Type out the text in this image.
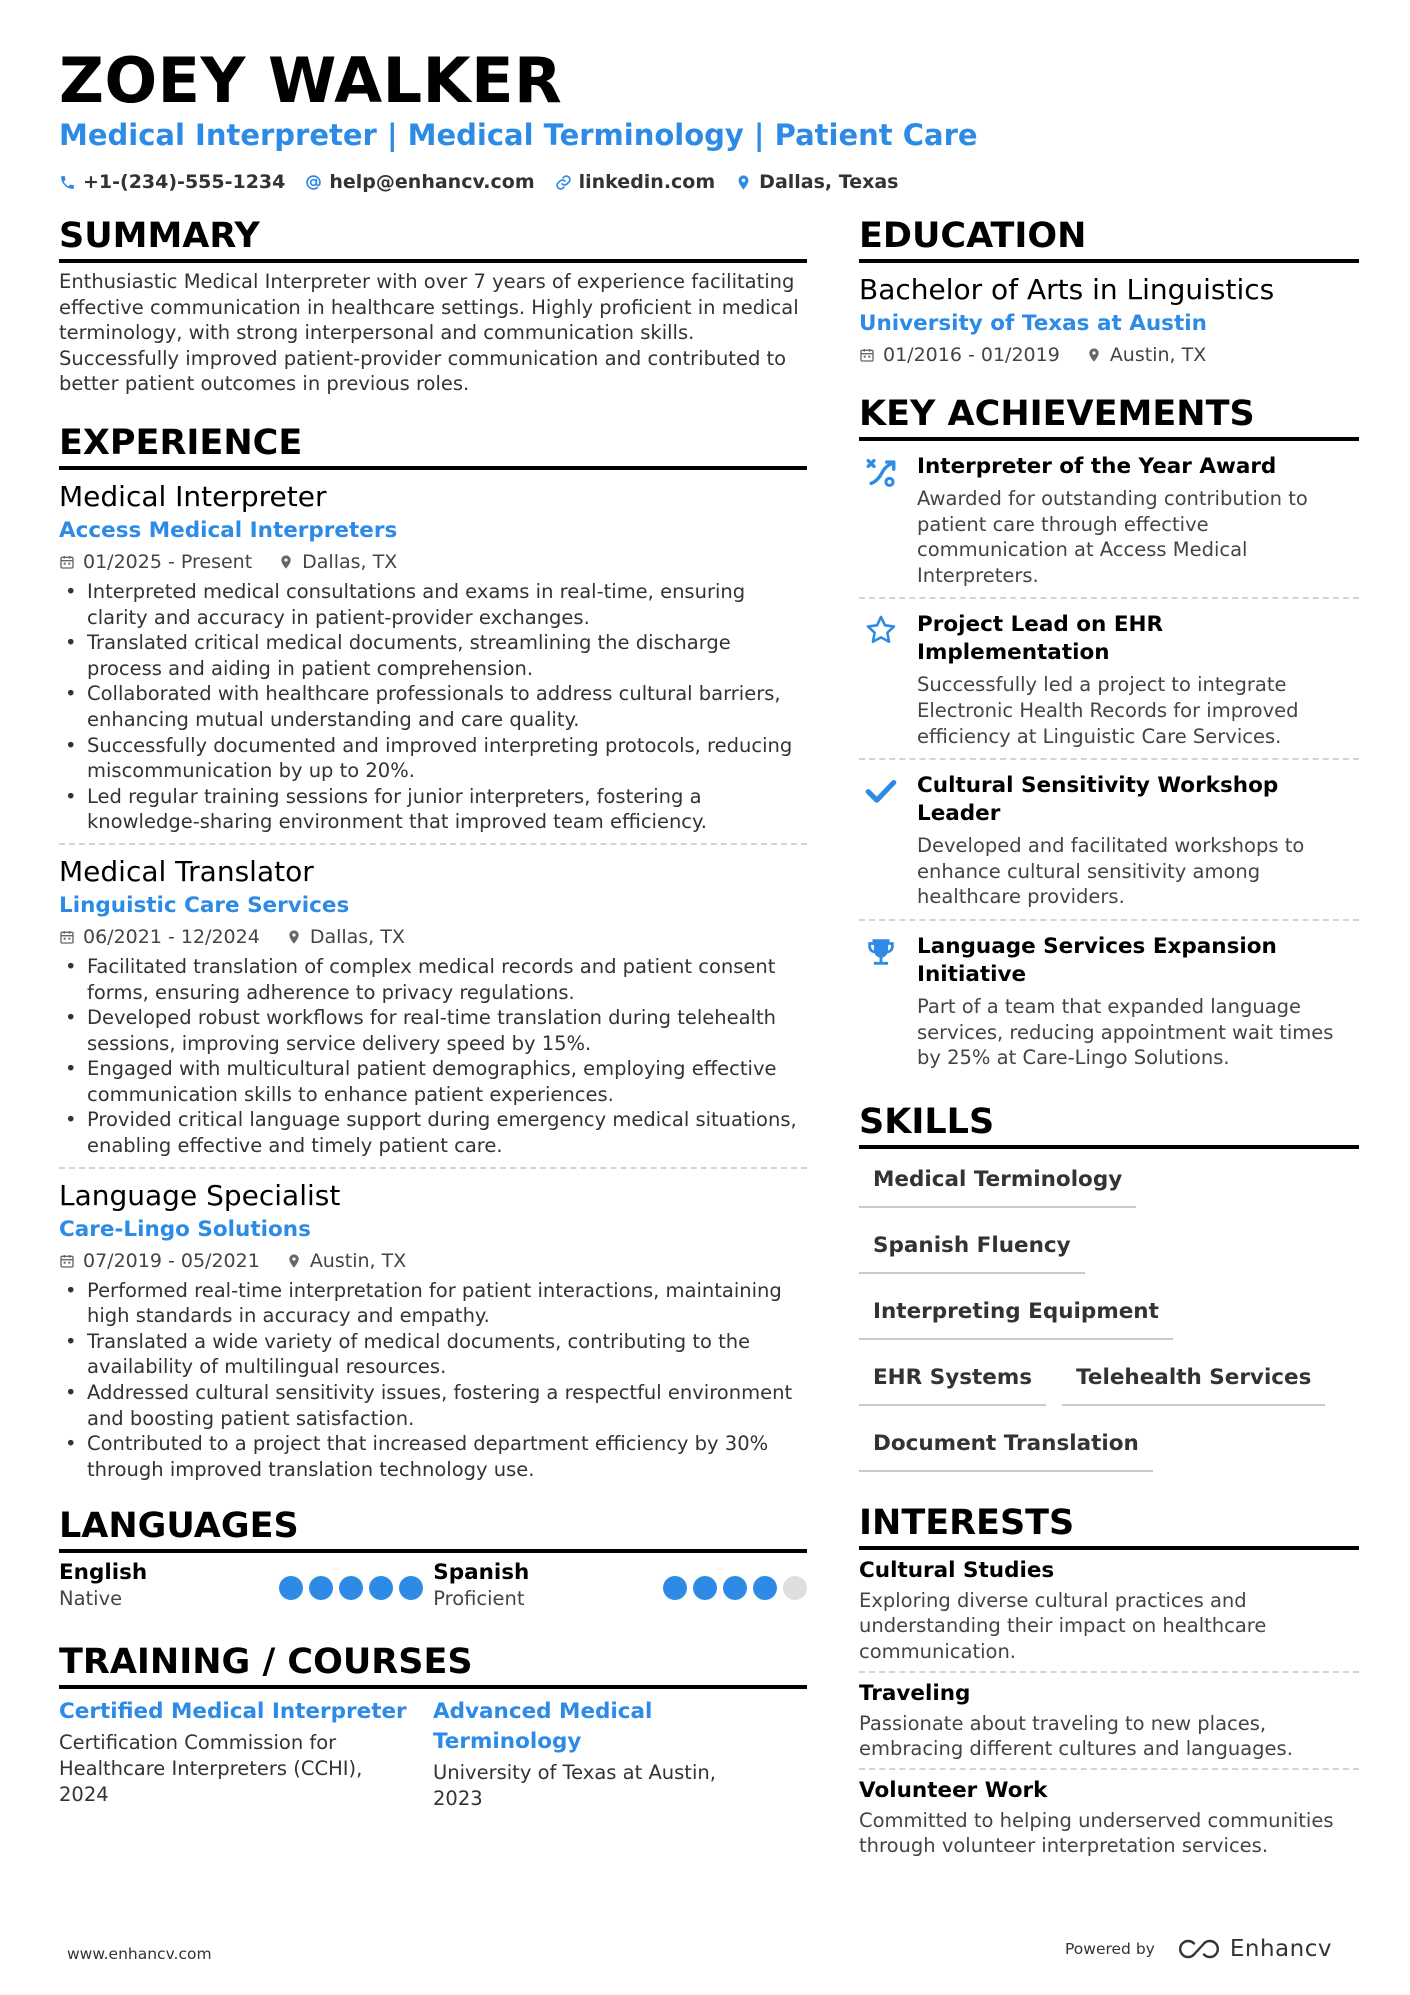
ZOEY WALKER
Medical Interpreter | Medical Terminology | Patient Care
+1-(234)-555-1234 help@enhancv.com linkedin.com Dallas, Texas
SUMMARY
Enthusiastic Medical Interpreter with over 7 years of experience facilitating effective communication in healthcare settings. Highly proficient in medical terminology, with strong interpersonal and communication skills. Successfully improved patient-provider communication and contributed to better patient outcomes in previous roles.
EXPERIENCE
Medical Interpreter
Access Medical Interpreters
01/2025 - Present	Dallas, TX
• Interpreted medical consultations and exams in real-time, ensuring clarity and accuracy in patient-provider exchanges.
• Translated critical medical documents, streamlining the discharge process and aiding in patient comprehension.
• Collaborated with healthcare professionals to address cultural barriers, enhancing mutual understanding and care quality.
• Successfully documented and improved interpreting protocols, reducing miscommunication by up to 20%.
• Led regular training sessions for junior interpreters, fostering a knowledge-sharing environment that improved team efficiency.
Medical Translator
Linguistic Care Services
06/2021 - 12/2024	Dallas, TX
• Facilitated translation of complex medical records and patient consent forms, ensuring adherence to privacy regulations.
• Developed robust workflows for real-time translation during telehealth sessions, improving service delivery speed by 15%.
• Engaged with multicultural patient demographics, employing effective communication skills to enhance patient experiences.
• Provided critical language support during emergency medical situations, enabling effective and timely patient care.
Language Specialist
Care-Lingo Solutions
07/2019 - 05/2021	Austin, TX
• Performed real-time interpretation for patient interactions, maintaining high standards in accuracy and empathy.
• Translated a wide variety of medical documents, contributing to the availability of multilingual resources.
• Addressed cultural sensitivity issues, fostering a respectful environment and boosting patient satisfaction.
• Contributed to a project that increased department efficiency by 30% through improved translation technology use.
LANGUAGES
English
Native
Spanish
Proficient
TRAINING / COURSES
Certified Medical Interpreter
Certification Commission for Healthcare Interpreters (CCHI), 2024
Advanced Medical Terminology
University of Texas at Austin, 2023
EDUCATION
Bachelor of Arts in Linguistics
University of Texas at Austin
01/2016 - 01/2019	Austin, TX
KEY ACHIEVEMENTS
Interpreter of the Year Award
Awarded for outstanding contribution to patient care through effective communication at Access Medical Interpreters.
Project Lead on EHR Implementation
Successfully led a project to integrate Electronic Health Records for improved efficiency at Linguistic Care Services.
Cultural Sensitivity Workshop Leader
Developed and facilitated workshops to enhance cultural sensitivity among healthcare providers.
Language Services Expansion Initiative
Part of a team that expanded language services, reducing appointment wait times by 25% at Care-Lingo Solutions.
SKILLS
Medical Terminology
Spanish Fluency
Interpreting Equipment
EHR Systems	Telehealth Services
Document Translation
INTERESTS
Cultural Studies
Exploring diverse cultural practices and understanding their impact on healthcare communication.
Traveling
Passionate about traveling to new places, embracing different cultures and languages.
Volunteer Work
Committed to helping underserved communities through volunteer interpretation services.
www.enhancv.com	Powered by	Enhancv
